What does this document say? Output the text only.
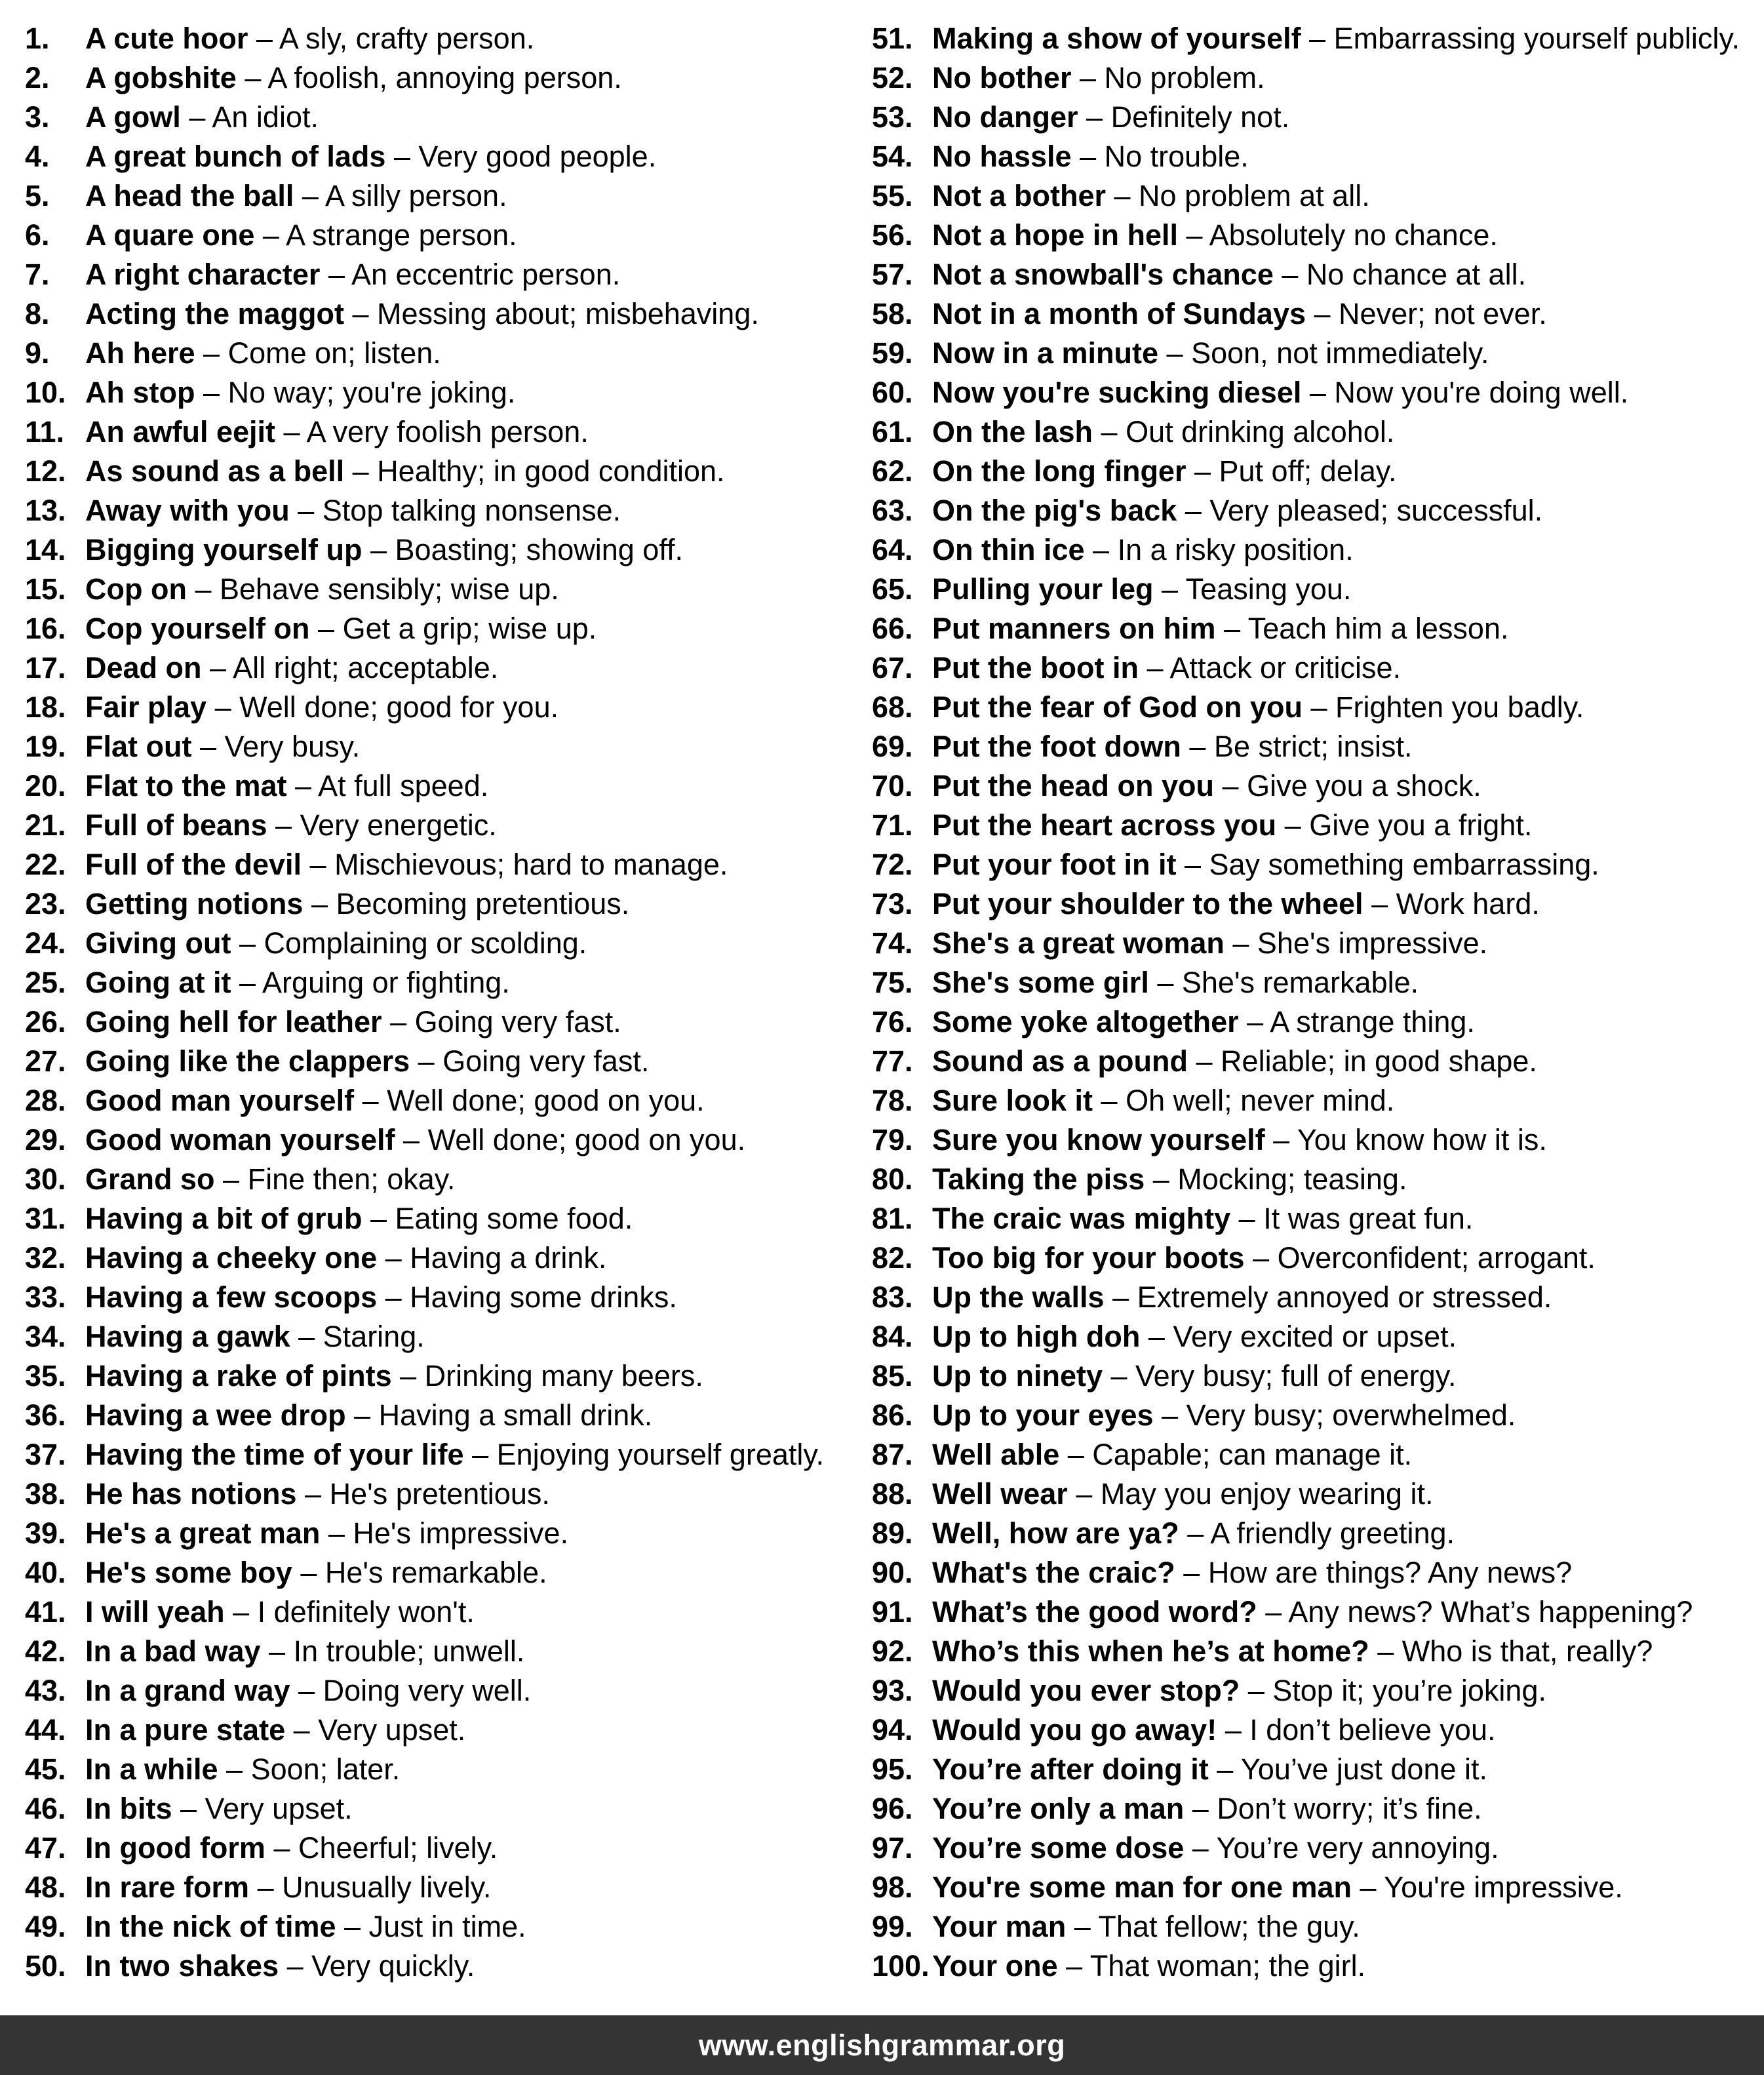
1.	A cute hoor – A sly, crafty person.
2.	A gobshite – A foolish, annoying person.
3.	A gowl – An idiot.
4.	A great bunch of lads – Very good people.
5.	A head the ball – A silly person.
6.	A quare one – A strange person.
7.	A right character – An eccentric person.
8.	Acting the maggot – Messing about; misbehaving.
9.	Ah here – Come on; listen.
10. Ah stop – No way; you're joking.
11. An awful eejit – A very foolish person.
12. As sound as a bell – Healthy; in good condition.
13. Away with you – Stop talking nonsense.
14. Bigging yourself up – Boasting; showing off.
15. Cop on – Behave sensibly; wise up.
16. Cop yourself on – Get a grip; wise up.
17. Dead on – All right; acceptable.
18. Fair play – Well done; good for you.
19. Flat out – Very busy.
20. Flat to the mat – At full speed.
21. Full of beans – Very energetic.
22. Full of the devil – Mischievous; hard to manage.
23. Getting notions – Becoming pretentious.
24. Giving out – Complaining or scolding.
25. Going at it – Arguing or fighting.
26. Going hell for leather – Going very fast.
27. Going like the clappers – Going very fast.
28. Good man yourself – Well done; good on you.
29. Good woman yourself – Well done; good on you.
30. Grand so – Fine then; okay.
31. Having a bit of grub – Eating some food.
32. Having a cheeky one – Having a drink.
33. Having a few scoops – Having some drinks.
34. Having a gawk – Staring.
35. Having a rake of pints – Drinking many beers.
36. Having a wee drop – Having a small drink.
37. Having the time of your life – Enjoying yourself greatly.
38. He has notions – He's pretentious.
39. He's a great man – He's impressive.
40. He's some boy – He's remarkable.
41. I will yeah – I definitely won't.
42. In a bad way – In trouble; unwell.
43. In a grand way – Doing very well.
44. In a pure state – Very upset.
45. In a while – Soon; later.
46. In bits – Very upset.
47. In good form – Cheerful; lively.
48. In rare form – Unusually lively.
49. In the nick of time – Just in time.
50. In two shakes – Very quickly.
51. Making a show of yourself – Embarrassing yourself publicly.
52. No bother – No problem.
53. No danger – Definitely not.
54. No hassle – No trouble.
55. Not a bother – No problem at all.
56. Not a hope in hell – Absolutely no chance.
57. Not a snowball's chance – No chance at all.
58. Not in a month of Sundays – Never; not ever.
59. Now in a minute – Soon, not immediately.
60. Now you're sucking diesel – Now you're doing well.
61. On the lash – Out drinking alcohol.
62. On the long finger – Put off; delay.
63. On the pig's back – Very pleased; successful.
64. On thin ice – In a risky position.
65. Pulling your leg – Teasing you.
66. Put manners on him – Teach him a lesson.
67. Put the boot in – Attack or criticise.
68. Put the fear of God on you – Frighten you badly.
69. Put the foot down – Be strict; insist.
70. Put the head on you – Give you a shock.
71. Put the heart across you – Give you a fright.
72. Put your foot in it – Say something embarrassing.
73. Put your shoulder to the wheel – Work hard.
74. She's a great woman – She's impressive.
75. She's some girl – She's remarkable.
76. Some yoke altogether – A strange thing.
77. Sound as a pound – Reliable; in good shape.
78. Sure look it – Oh well; never mind.
79. Sure you know yourself – You know how it is.
80. Taking the piss – Mocking; teasing.
81. The craic was mighty – It was great fun.
82. Too big for your boots – Overconfident; arrogant.
83. Up the walls – Extremely annoyed or stressed.
84. Up to high doh – Very excited or upset.
85. Up to ninety – Very busy; full of energy.
86. Up to your eyes – Very busy; overwhelmed.
87. Well able – Capable; can manage it.
88. Well wear – May you enjoy wearing it.
89. Well, how are ya? – A friendly greeting.
90. What's the craic? – How are things? Any news?
91. What’s the good word? – Any news? What’s happening?
92. Who’s this when he’s at home? – Who is that, really?
93. Would you ever stop? – Stop it; you’re joking.
94. Would you go away! – I don’t believe you.
95. You’re after doing it – You’ve just done it.
96. You’re only a man – Don’t worry; it’s fine.
97. You’re some dose – You’re very annoying.
98. You're some man for one man – You're impressive.
99. Your man – That fellow; the guy.
100. Your one – That woman; the girl.
www.englishgrammar.org
